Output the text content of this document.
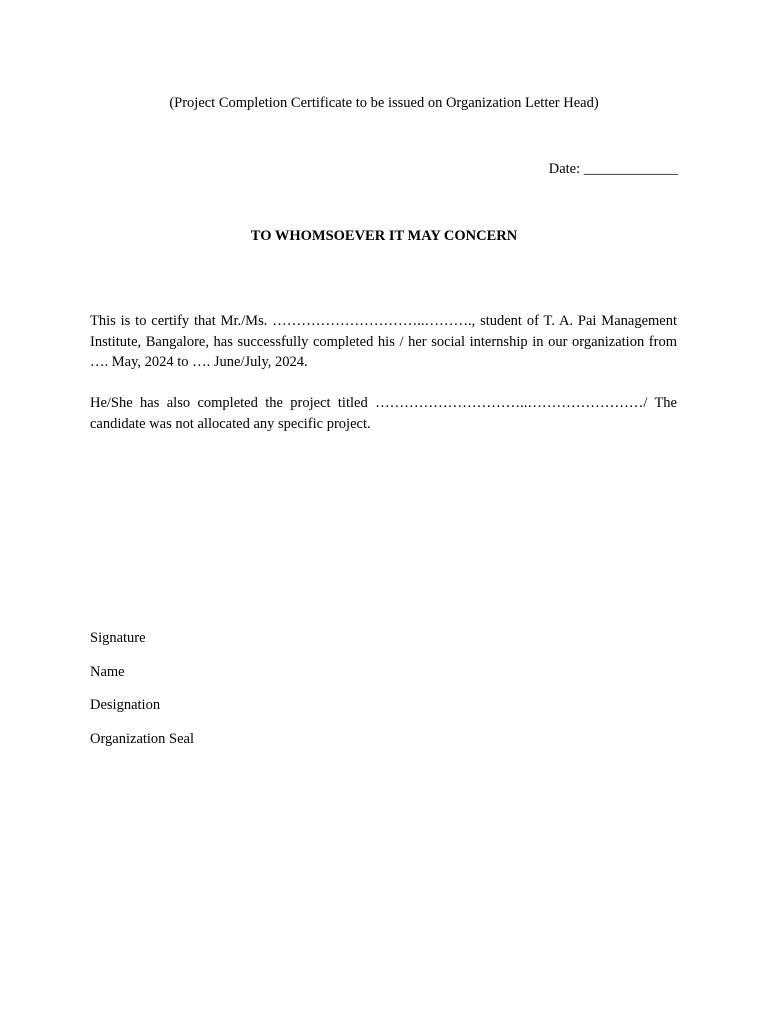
(Project Completion Certificate to be issued on Organization Letter Head)
Date: _____________
TO WHOMSOEVER IT MAY CONCERN

This is to certify that Mr./Ms. …………………………..………., student of T. A. Pai Management Institute, Bangalore, has successfully completed his / her social internship in our organization from …. May, 2024 to …. June/July, 2024.

He/She has also completed the project titled …………………………..……………………/ The candidate was not allocated any specific project.

Signature
Name
Designation
Organization Seal
